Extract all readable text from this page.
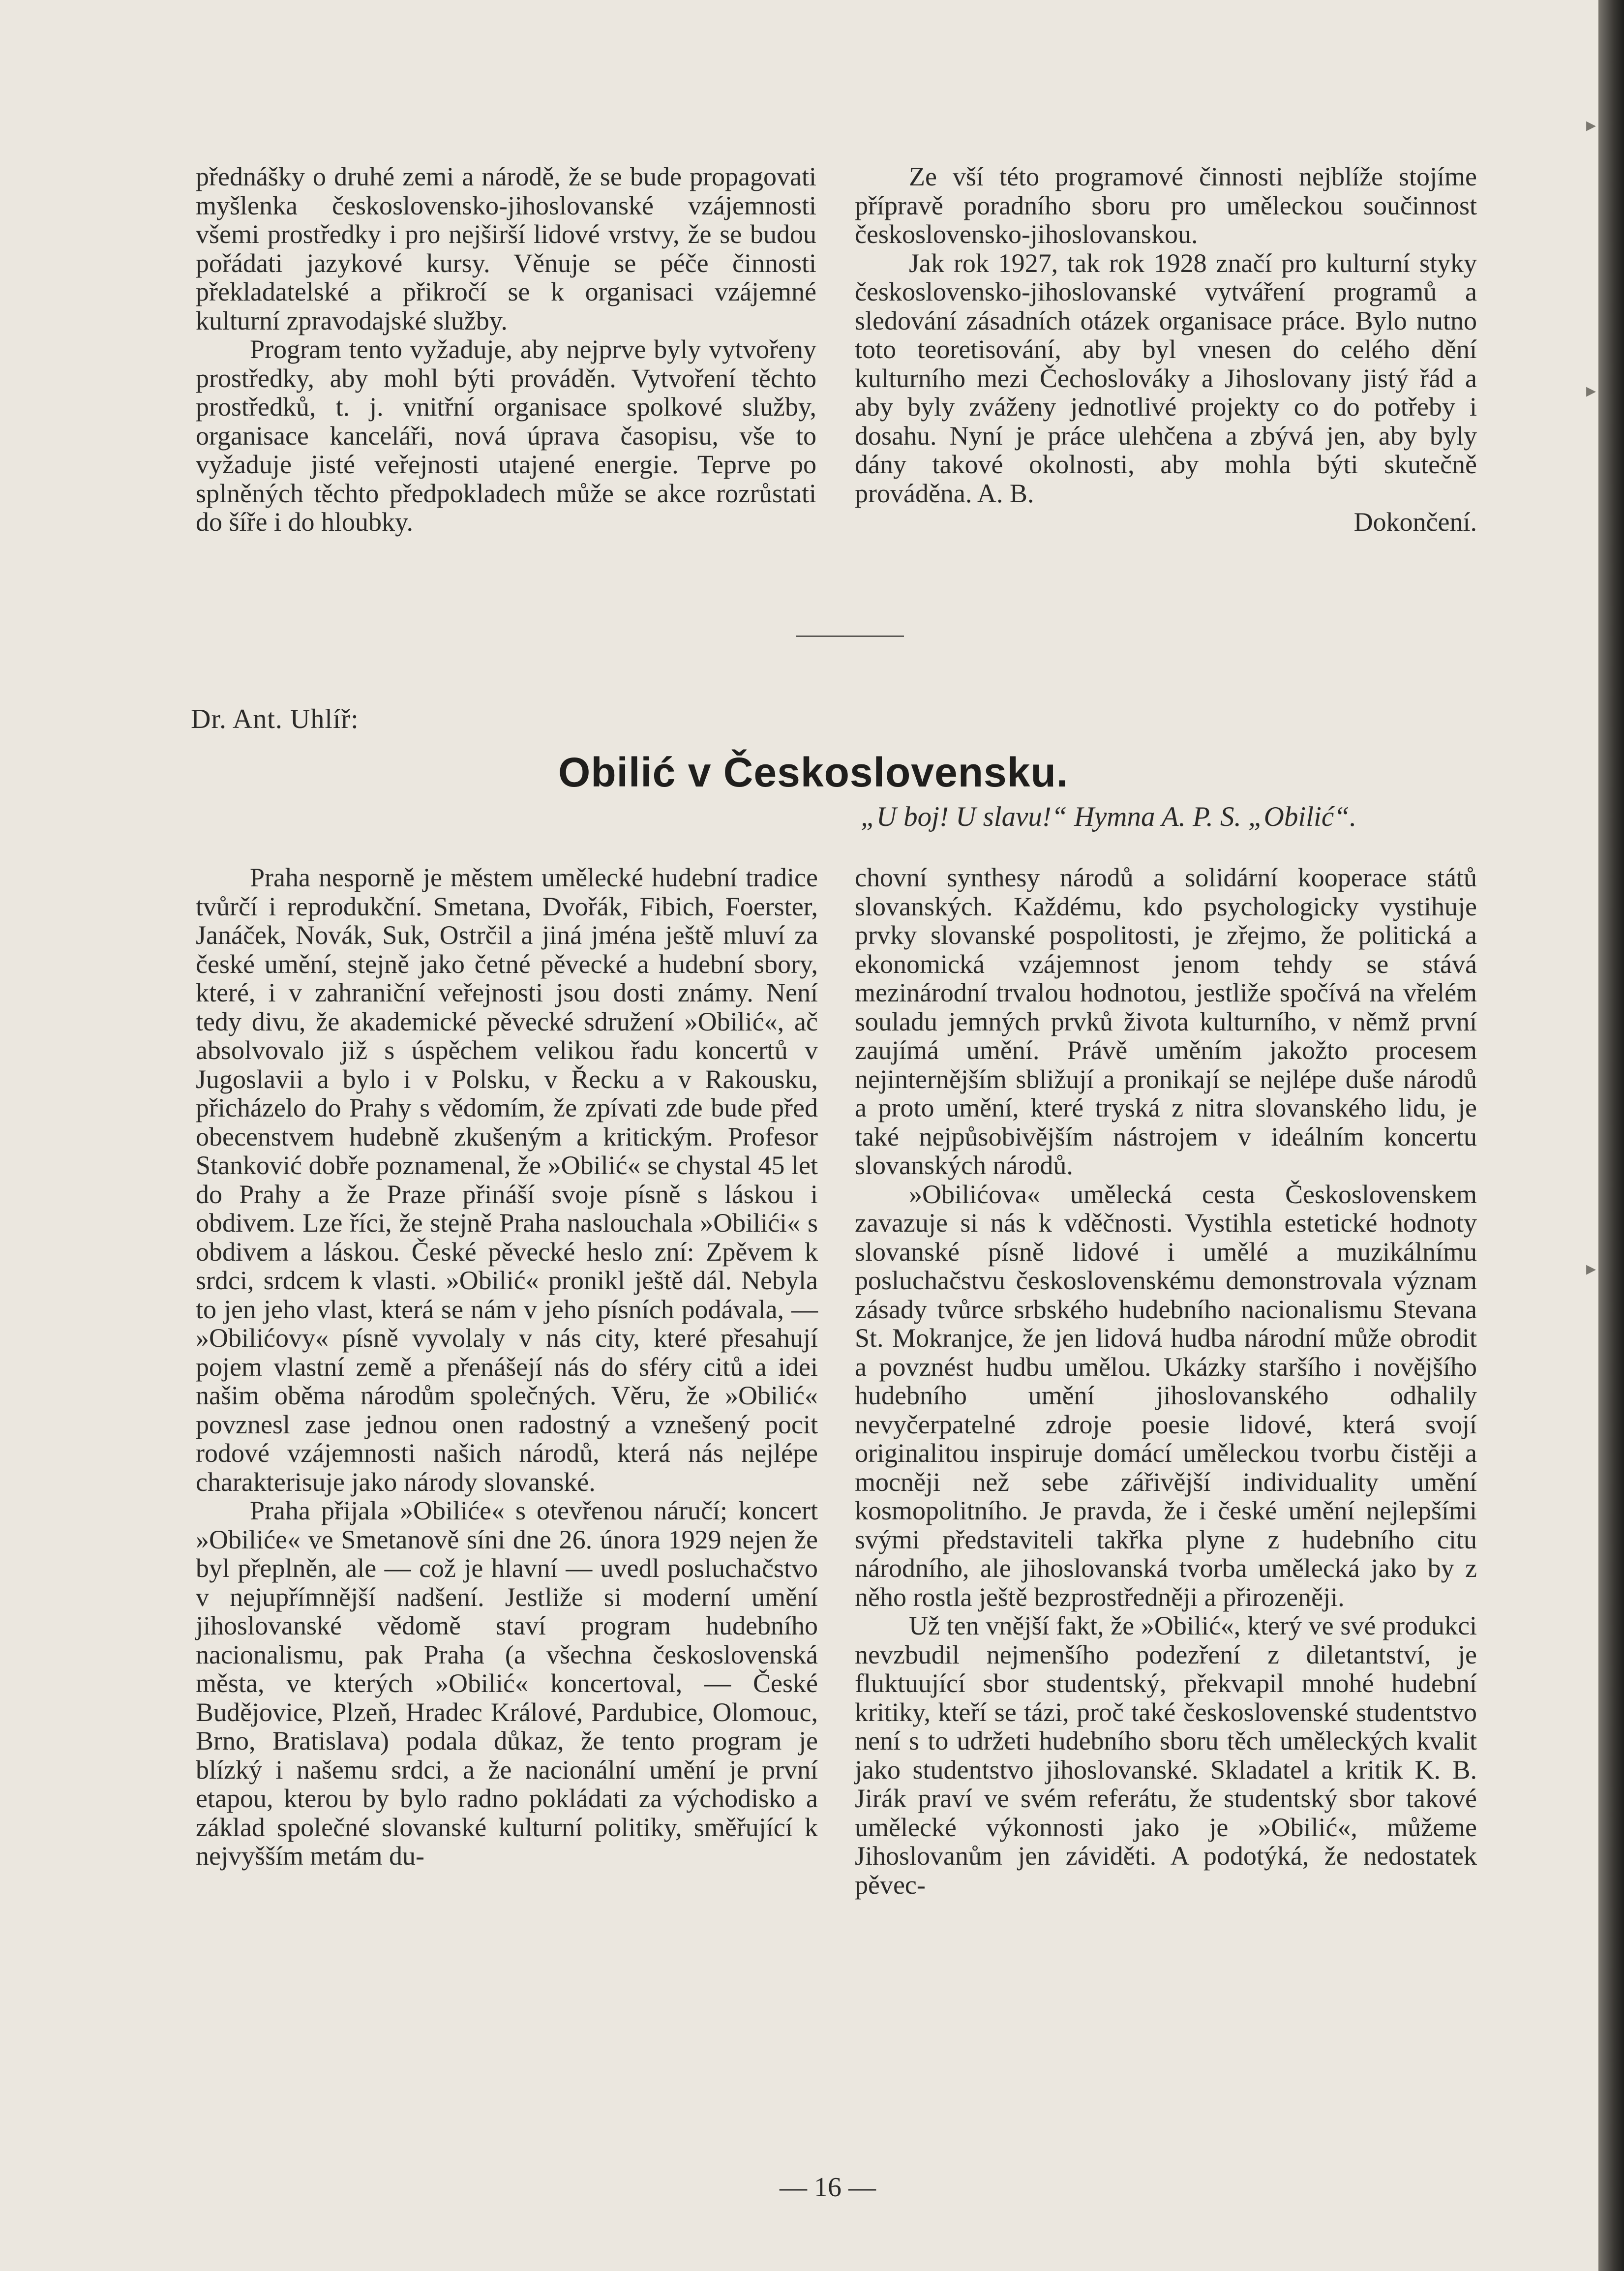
přednášky o druhé zemi a národě, že se bude propagovati myšlenka československo-jihoslovanské vzájemnosti všemi prostředky i pro nejširší lidové vrstvy, že se budou pořádati jazykové kursy. Věnuje se péče činnosti překladatelské a přikročí se k organisaci vzájemné kulturní zpravodajské služby.

Program tento vyžaduje, aby nejprve byly vytvořeny prostředky, aby mohl býti prováděn. Vytvoření těchto prostředků, t. j. vnitřní organisace spolkové služby, organisace kanceláři, nová úprava časopisu, vše to vyžaduje jisté veřejnosti utajené energie. Teprve po splněných těchto předpokladech může se akce rozrůstati do šíře i do hloubky.

Ze vší této programové činnosti nejblíže stojíme přípravě poradního sboru pro uměleckou součinnost československo-jihoslovanskou.

Jak rok 1927, tak rok 1928 značí pro kulturní styky československo-jihoslovanské vytváření programů a sledování zásadních otázek organisace práce. Bylo nutno toto teoretisování, aby byl vnesen do celého dění kulturního mezi Čechoslováky a Jihoslovany jistý řád a aby byly zváženy jednotlivé projekty co do potřeby i dosahu. Nyní je práce ulehčena a zbývá jen, aby byly dány takové okolnosti, aby mohla býti skutečně prováděna. A. B.

Dokončení.

Dr. Ant. Uhlíř:
Obilić v Československu.
„U boj! U slavu!“ Hymna A. P. S. „Obilić“.

Praha nesporně je městem umělecké hudební tradice tvůrčí i reprodukční. Smetana, Dvořák, Fibich, Foerster, Janáček, Novák, Suk, Ostrčil a jiná jména ještě mluví za české umění, stejně jako četné pěvecké a hudební sbory, které, i v zahraniční veřejnosti jsou dosti známy. Není tedy divu, že akademické pěvecké sdružení »Obilić«, ač absolvovalo již s úspěchem velikou řadu koncertů v Jugoslavii a bylo i v Polsku, v Řecku a v Rakousku, přicházelo do Prahy s vědomím, že zpívati zde bude před obecenstvem hudebně zkušeným a kritickým. Profesor Stanković dobře poznamenal, že »Obilić« se chystal 45 let do Prahy a že Praze přináší svoje písně s láskou i obdivem. Lze říci, že stejně Praha naslouchala »Obilići« s obdivem a láskou. České pěvecké heslo zní: Zpěvem k srdci, srdcem k vlasti. »Obilić« pronikl ještě dál. Nebyla to jen jeho vlast, která se nám v jeho písních podávala, — »Obilićovy« písně vyvolaly v nás city, které přesahují pojem vlastní země a přenášejí nás do sféry citů a idei našim oběma národům společných. Věru, že »Obilić« povznesl zase jednou onen radostný a vznešený pocit rodové vzájemnosti našich národů, která nás nejlépe charakterisuje jako národy slovanské.

Praha přijala »Obiliće« s otevřenou náručí; koncert »Obiliće« ve Smetanově síni dne 26. února 1929 nejen že byl přeplněn, ale — což je hlavní — uvedl posluchačstvo v nejupřímnější nadšení. Jestliže si moderní umění jihoslovanské vědomě staví program hudebního nacionalismu, pak Praha (a všechna československá města, ve kterých »Obilić« koncertoval, — České Budějovice, Plzeň, Hradec Králové, Pardubice, Olomouc, Brno, Bratislava) podala důkaz, že tento program je blízký i našemu srdci, a že nacionální umění je první etapou, kterou by bylo radno pokládati za východisko a základ společné slovanské kulturní politiky, směřující k nejvyšším metám du-

chovní synthesy národů a solidární kooperace států slovanských. Každému, kdo psychologicky vystihuje prvky slovanské pospolitosti, je zřejmo, že politická a ekonomická vzájemnost jenom tehdy se stává mezinárodní trvalou hodnotou, jestliže spočívá na vřelém souladu jemných prvků života kulturního, v němž první zaujímá umění. Právě uměním jakožto procesem nejinternějším sbližují a pronikají se nejlépe duše národů a proto umění, které tryská z nitra slovanského lidu, je také nejpůsobivějším nástrojem v ideálním koncertu slovanských národů.

»Obilićova« umělecká cesta Československem zavazuje si nás k vděčnosti. Vystihla estetické hodnoty slovanské písně lidové i umělé a muzikálnímu posluchačstvu československému demonstrovala význam zásady tvůrce srbského hudebního nacionalismu Stevana St. Mokranjce, že jen lidová hudba národní může obrodit a povznést hudbu umělou. Ukázky staršího i novějšího hudebního umění jihoslovanského odhalily nevyčerpatelné zdroje poesie lidové, která svojí originalitou inspiruje domácí uměleckou tvorbu čistěji a mocněji než sebe zářivější individuality umění kosmopolitního. Je pravda, že i české umění nejlepšími svými představiteli takřka plyne z hudebního citu národního, ale jihoslovanská tvorba umělecká jako by z něho rostla ještě bezprostředněji a přirozeněji.

Už ten vnější fakt, že »Obilić«, který ve své produkci nevzbudil nejmenšího podezření z diletantství, je fluktuující sbor studentský, překvapil mnohé hudební kritiky, kteří se tázi, proč také československé studentstvo není s to udržeti hudebního sboru těch uměleckých kvalit jako studentstvo jihoslovanské. Skladatel a kritik K. B. Jirák praví ve svém referátu, že studentský sbor takové umělecké výkonnosti jako je »Obilić«, můžeme Jihoslovanům jen záviděti. A podotýká, že nedostatek pěvec-

— 16 —
▸
▸
▸
